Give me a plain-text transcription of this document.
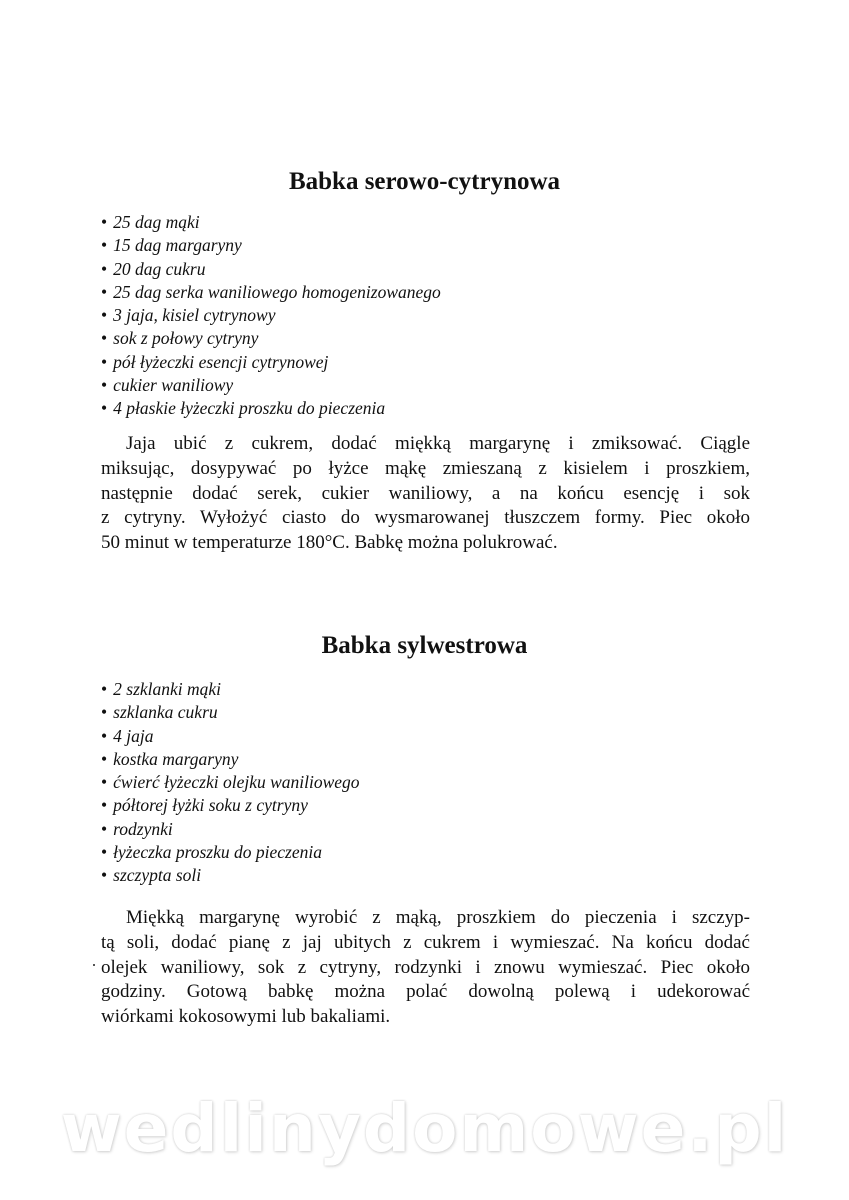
Babka serowo-cytrynowa
• 25 dag mąki
• 15 dag margaryny
• 20 dag cukru
• 25 dag serka waniliowego homogenizowanego
• 3 jaja, kisiel cytrynowy
• sok z połowy cytryny
• pół łyżeczki esencji cytrynowej
• cukier waniliowy
• 4 płaskie łyżeczki proszku do pieczenia
Jaja ubić z cukrem, dodać miękką margarynę i zmiksować. Ciągle
miksując, dosypywać po łyżce mąkę zmieszaną z kisielem i proszkiem,
następnie dodać serek, cukier waniliowy, a na końcu esencję i sok
z cytryny. Wyłożyć ciasto do wysmarowanej tłuszczem formy. Piec około
50 minut w temperaturze 180°C. Babkę można polukrować.
Babka sylwestrowa
• 2 szklanki mąki
• szklanka cukru
• 4 jaja
• kostka margaryny
• ćwierć łyżeczki olejku waniliowego
• półtorej łyżki soku z cytryny
• rodzynki
• łyżeczka proszku do pieczenia
• szczypta soli
Miękką margarynę wyrobić z mąką, proszkiem do pieczenia i szczyp-
tą soli, dodać pianę z jaj ubitych z cukrem i wymieszać. Na końcu dodać
olejek waniliowy, sok z cytryny, rodzynki i znowu wymieszać. Piec około
godziny. Gotową babkę można polać dowolną polewą i udekorować
wiórkami kokosowymi lub bakaliami.
wedlinydomowe.pl
